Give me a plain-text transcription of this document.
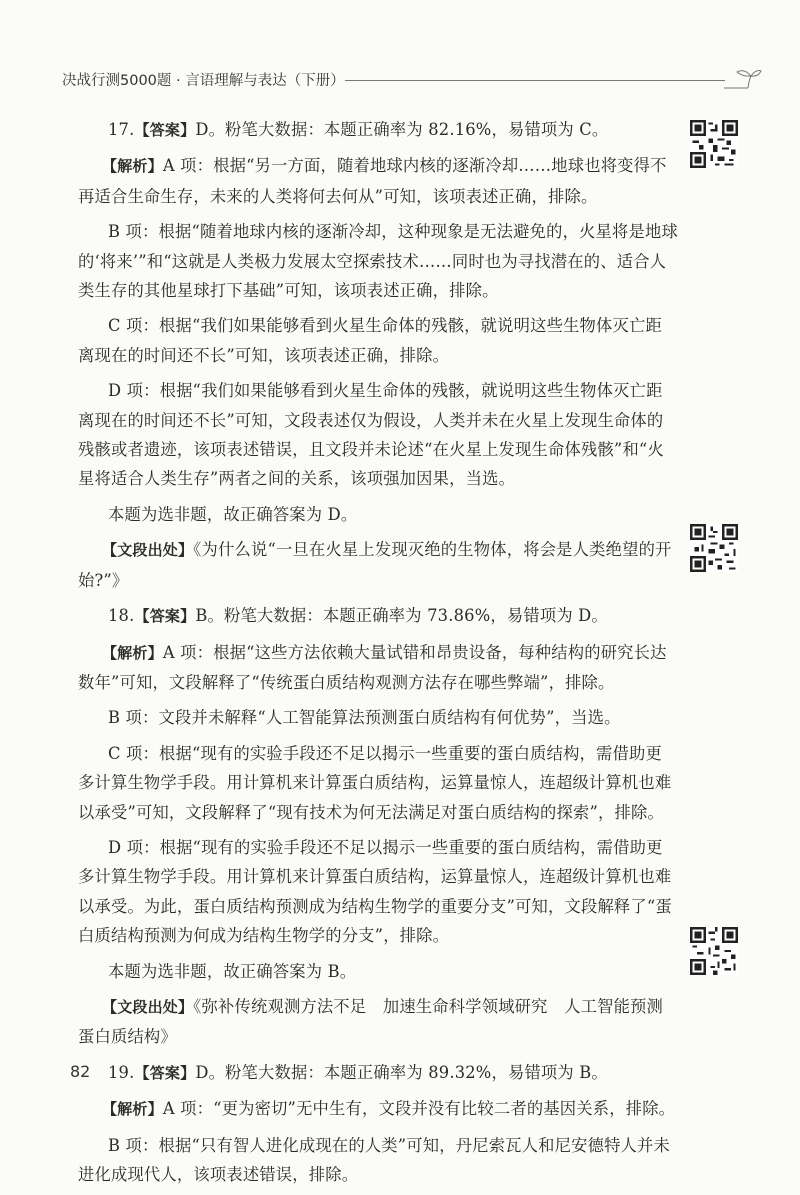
决战行测5000题 · 言语理解与表达（下册）

17.【答案】D。粉笔大数据：本题正确率为 82.16%，易错项为 C。

【解析】A 项：根据“另一方面，随着地球内核的逐渐冷却……地球也将变得不再适合生命生存，未来的人类将何去何从”可知，该项表述正确，排除。

B 项：根据“随着地球内核的逐渐冷却，这种现象是无法避免的，火星将是地球的‘将来’”和“这就是人类极力发展太空探索技术……同时也为寻找潜在的、适合人类生存的其他星球打下基础”可知，该项表述正确，排除。

C 项：根据“我们如果能够看到火星生命体的残骸，就说明这些生物体灭亡距离现在的时间还不长”可知，该项表述正确，排除。

D 项：根据“我们如果能够看到火星生命体的残骸，就说明这些生物体灭亡距离现在的时间还不长”可知，文段表述仅为假设，人类并未在火星上发现生命体的残骸或者遗迹，该项表述错误，且文段并未论述“在火星上发现生命体残骸”和“火星将适合人类生存”两者之间的关系，该项强加因果，当选。

本题为选非题，故正确答案为 D。

【文段出处】《为什么说“一旦在火星上发现灭绝的生物体，将会是人类绝望的开始?”》

18.【答案】B。粉笔大数据：本题正确率为 73.86%，易错项为 D。

【解析】A 项：根据“这些方法依赖大量试错和昂贵设备，每种结构的研究长达数年”可知，文段解释了“传统蛋白质结构观测方法存在哪些弊端”，排除。

B 项：文段并未解释“人工智能算法预测蛋白质结构有何优势”，当选。

C 项：根据“现有的实验手段还不足以揭示一些重要的蛋白质结构，需借助更多计算生物学手段。用计算机来计算蛋白质结构，运算量惊人，连超级计算机也难以承受”可知，文段解释了“现有技术为何无法满足对蛋白质结构的探索”，排除。

D 项：根据“现有的实验手段还不足以揭示一些重要的蛋白质结构，需借助更多计算生物学手段。用计算机来计算蛋白质结构，运算量惊人，连超级计算机也难以承受。为此，蛋白质结构预测成为结构生物学的重要分支”可知，文段解释了“蛋白质结构预测为何成为结构生物学的分支”，排除。

本题为选非题，故正确答案为 B。

【文段出处】《弥补传统观测方法不足　加速生命科学领域研究　人工智能预测蛋白质结构》

19.【答案】D。粉笔大数据：本题正确率为 89.32%，易错项为 B。

【解析】A 项：“更为密切”无中生有，文段并没有比较二者的基因关系，排除。

B 项：根据“只有智人进化成现在的人类”可知，丹尼索瓦人和尼安德特人并未进化成现代人，该项表述错误，排除。

82
